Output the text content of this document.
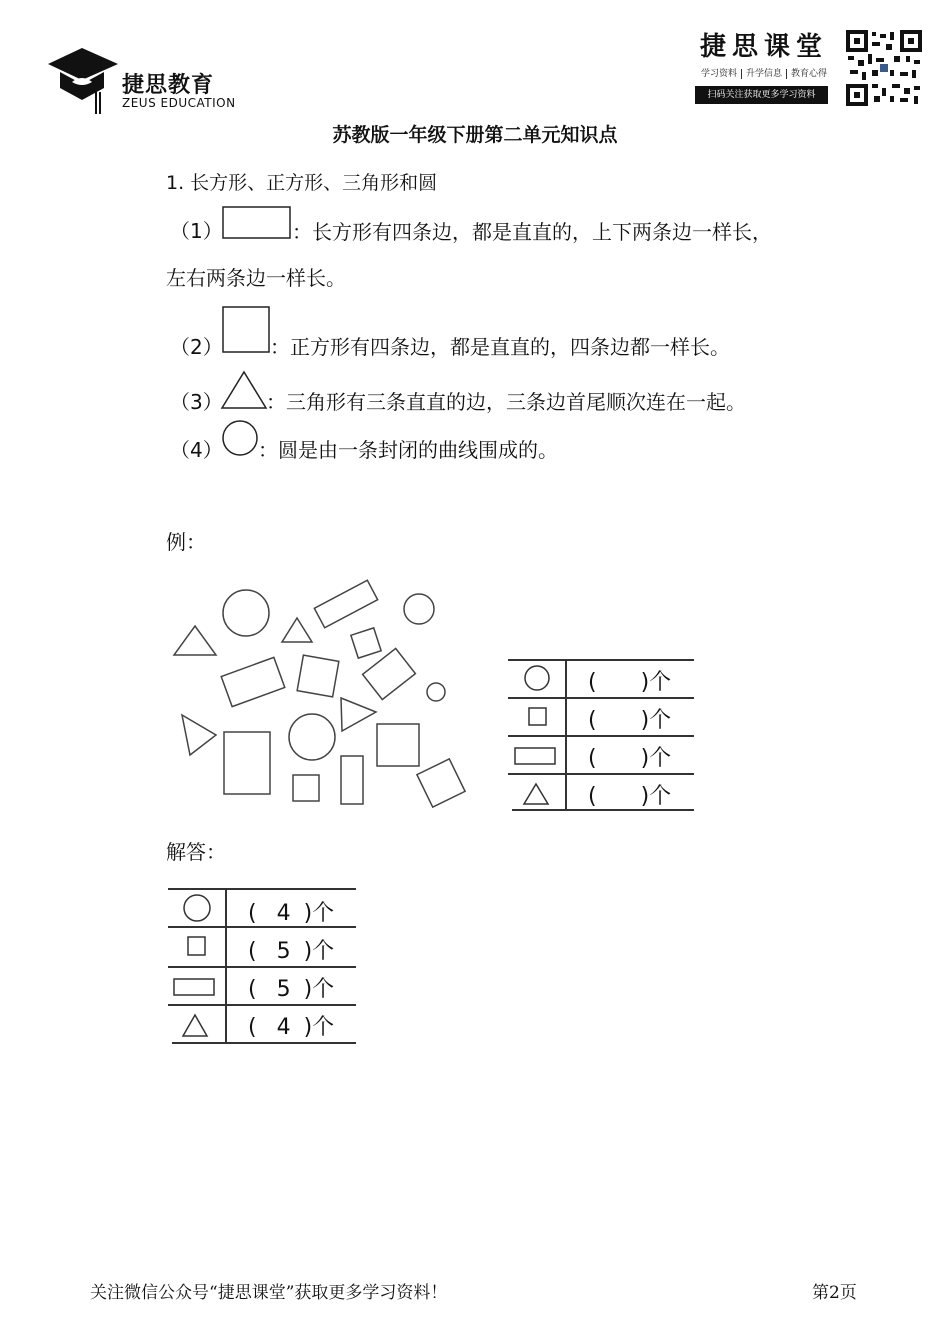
捷思教育
ZEUS EDUCATION
捷思课堂
学习资料 升学信息 教育心得
扫码关注获取更多学习资料
苏教版一年级下册第二单元知识点
1. 长方形、正方形、三角形和圆
（1）	：长方形有四条边，都是直直的，上下两条边一样长，
左右两条边一样长。
（2） ：正方形有四条边，都是直直的，四条边都一样长。
（3） ：三角形有三条直直的边，三条边首尾顺次连在一起。
（4） ：圆是由一条封闭的曲线围成的。
例：
(　　)个
(　　)个
(　　)个
(　　)个
解答：
( 4 )个
( 5 )个
( 5 )个
( 4 )个
关注微信公众号“捷思课堂”获取更多学习资料！	第2页
